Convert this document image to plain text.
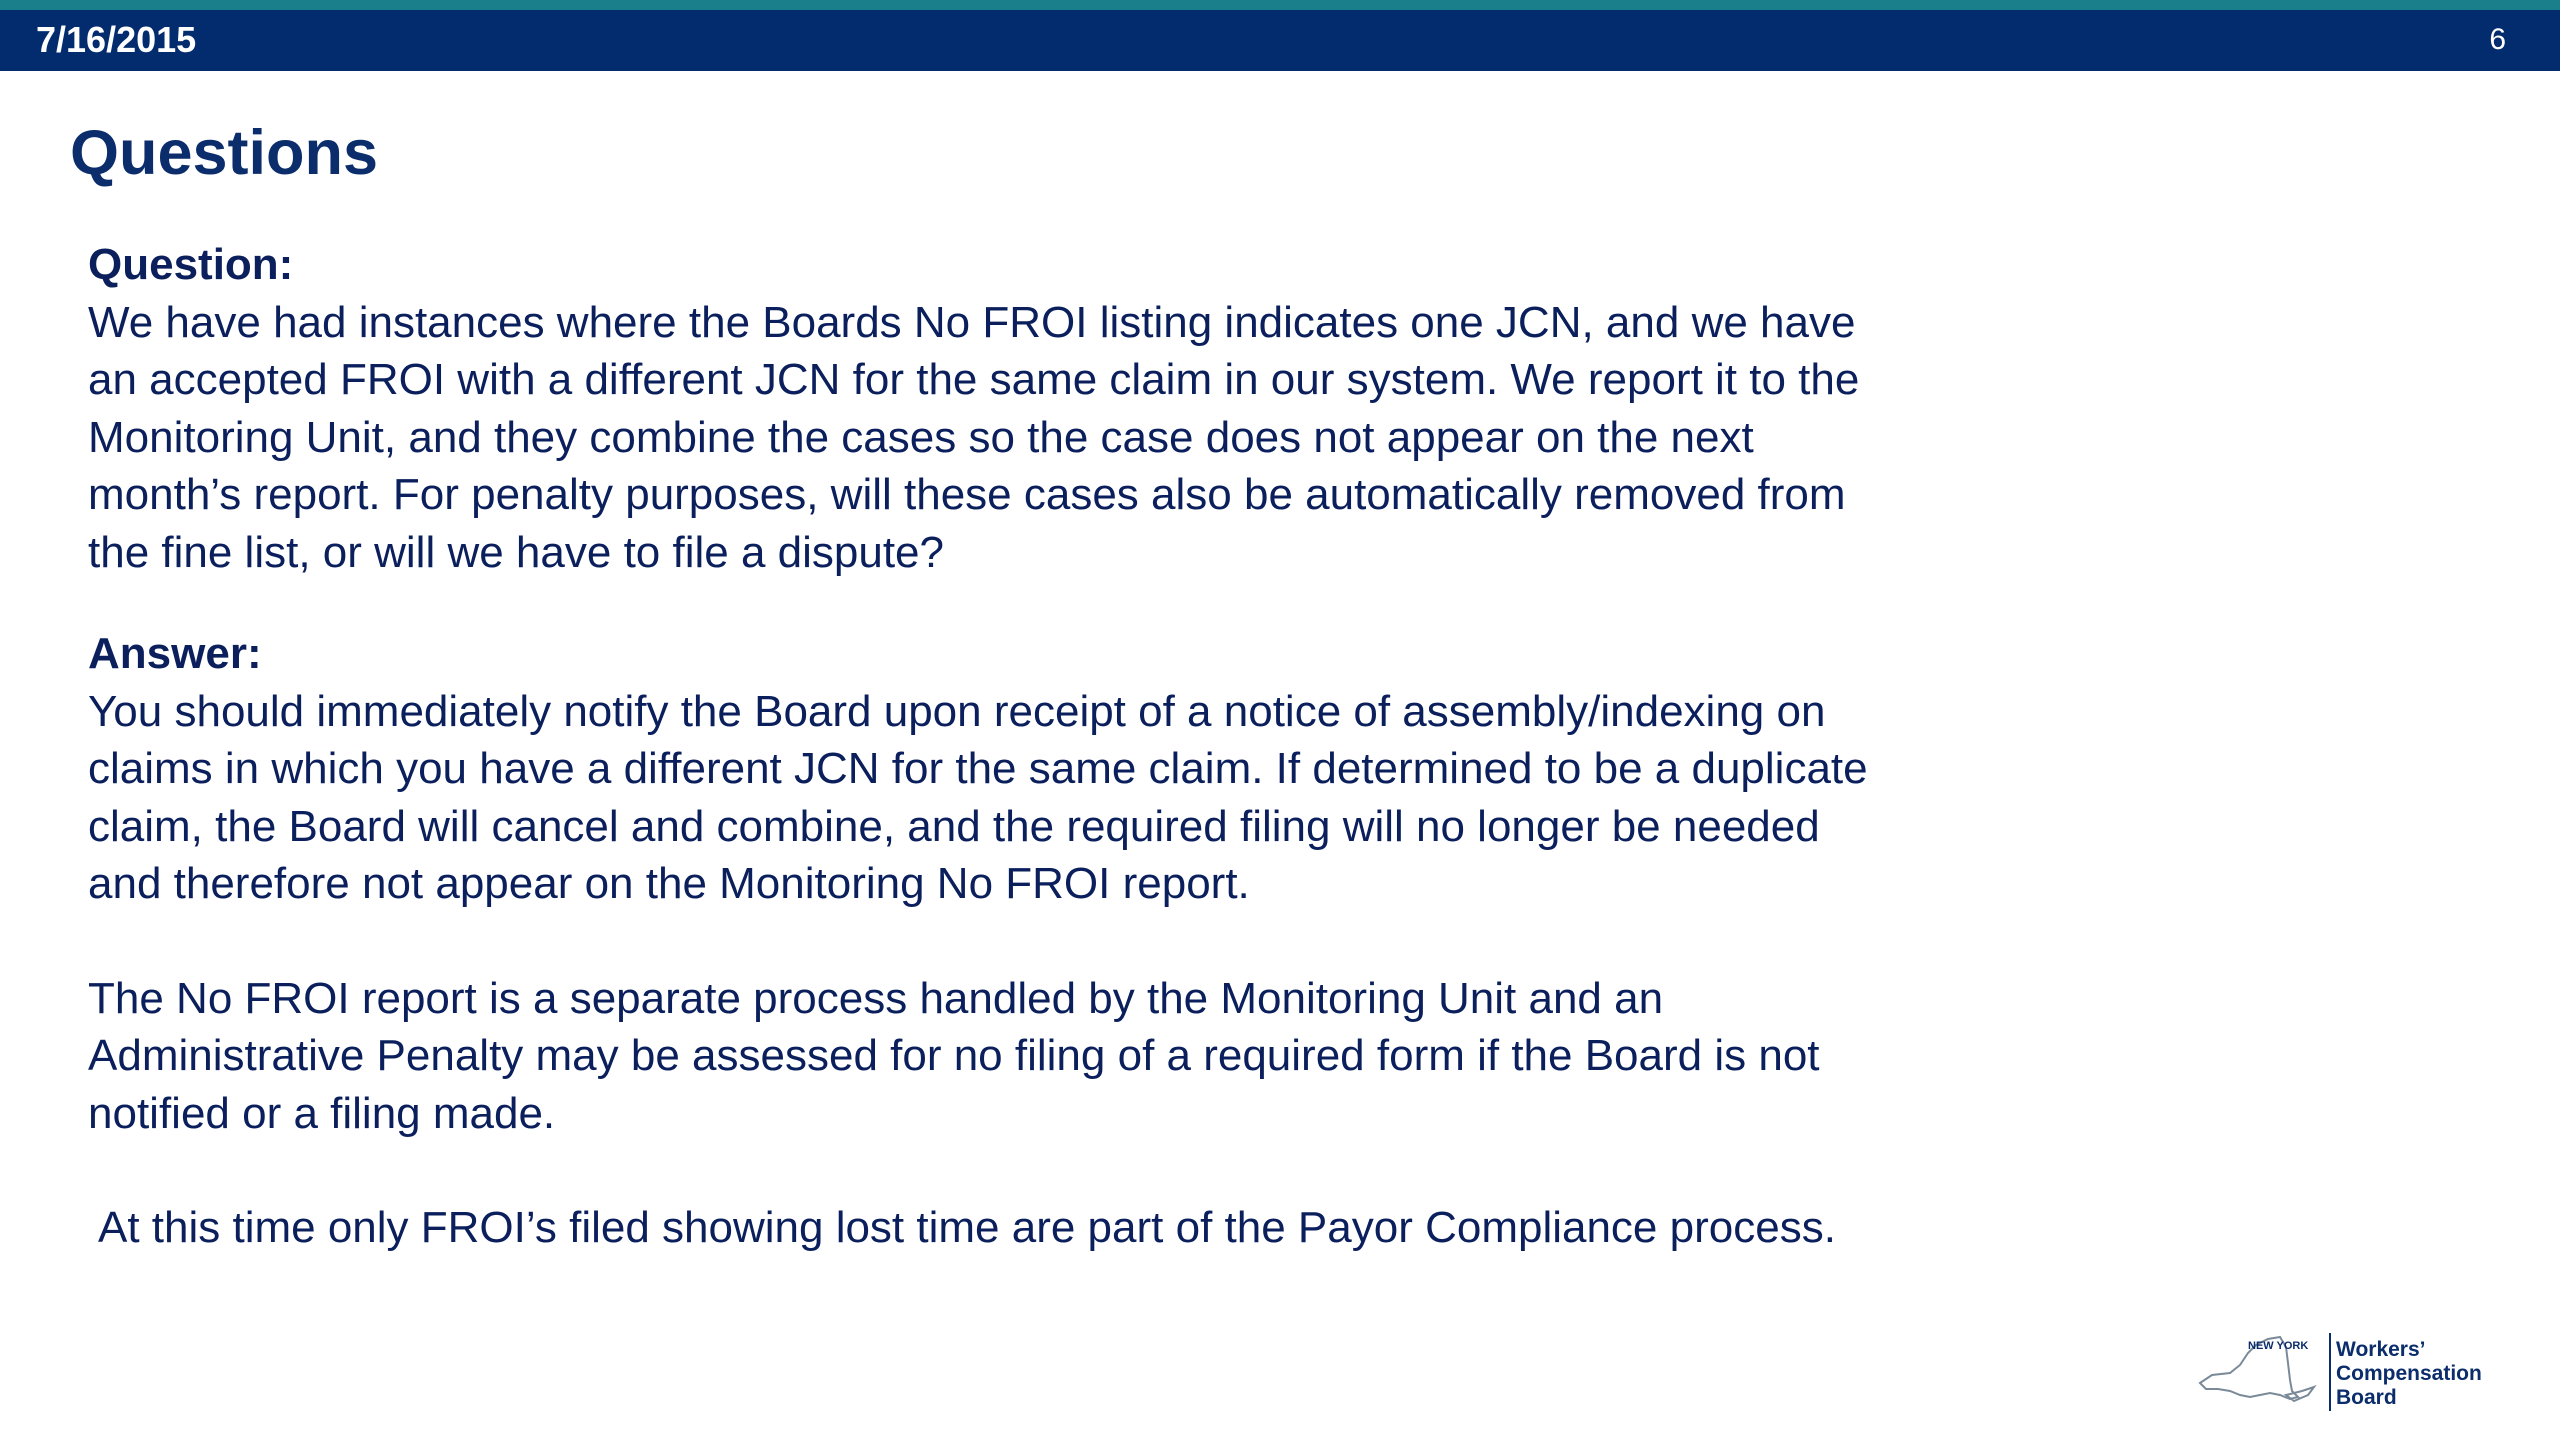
7/16/2015	6
Questions
Question:
We have had instances where the Boards No FROI listing indicates one JCN, and we have
an accepted FROI with a different JCN for the same claim in our system. We report it to the
Monitoring Unit, and they combine the cases so the case does not appear on the next
month’s report. For penalty purposes, will these cases also be automatically removed from
the fine list, or will we have to file a dispute?
Answer:
You should immediately notify the Board upon receipt of a notice of assembly/indexing on
claims in which you have a different JCN for the same claim. If determined to be a duplicate
claim, the Board will cancel and combine, and the required filing will no longer be needed
and therefore not appear on the Monitoring No FROI report.
The No FROI report is a separate process handled by the Monitoring Unit and an
Administrative Penalty may be assessed for no filing of a required form if the Board is not
notified or a filing made.
At this time only FROI’s filed showing lost time are part of the Payor Compliance process.
NEW YORK Workers’
Compensation
Board
